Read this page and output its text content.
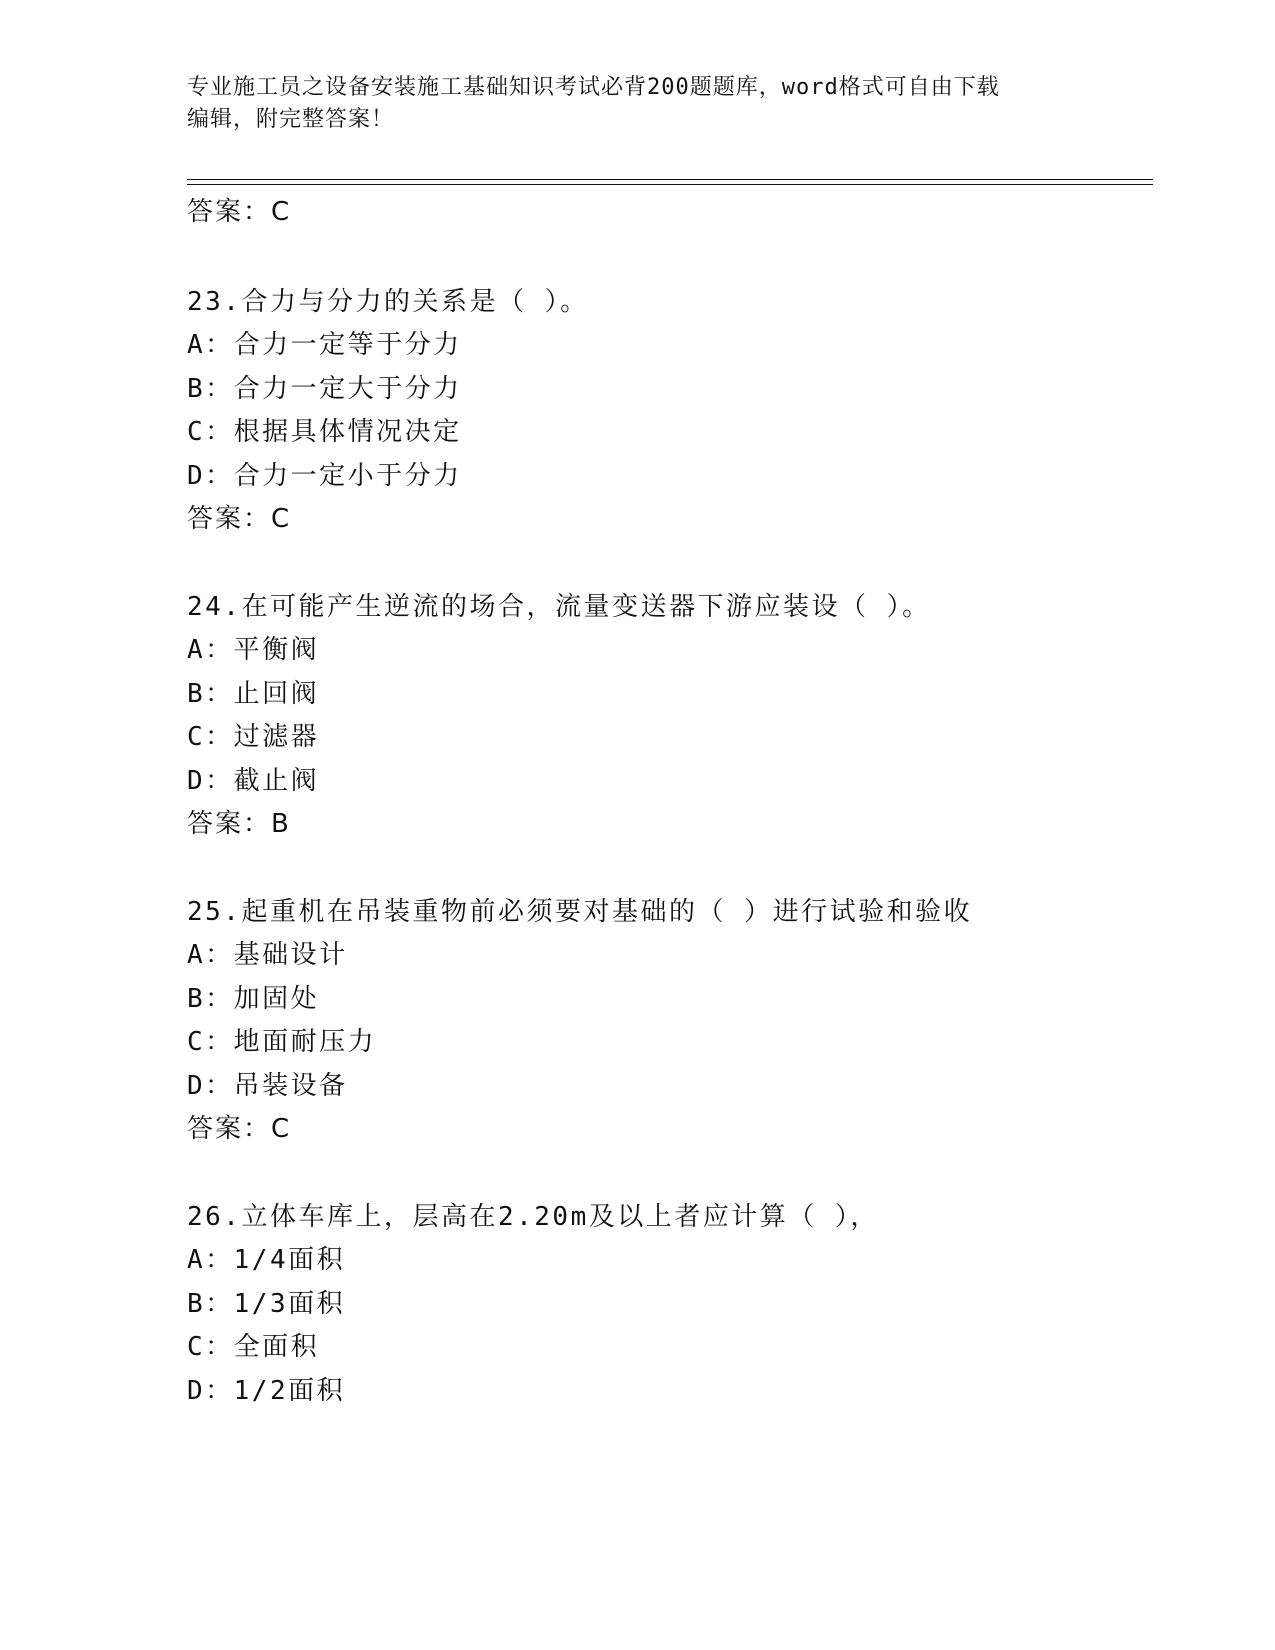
专业施工员之设备安装施工基础知识考试必背200题题库，word格式可自由下载
编辑，附完整答案！
答案：C
23.合力与分力的关系是（ ）。
A：合力一定等于分力
B：合力一定大于分力
C：根据具体情况决定
D：合力一定小于分力
答案：C
24.在可能产生逆流的场合，流量变送器下游应装设（ ）。
A：平衡阀
B：止回阀
C：过滤器
D：截止阀
答案：B
25.起重机在吊装重物前必须要对基础的（ ）进行试验和验收
A：基础设计
B：加固处
C：地面耐压力
D：吊装设备
答案：C
26.立体车库上，层高在2.20m及以上者应计算（ ），
A：1/4面积
B：1/3面积
C：全面积
D：1/2面积
